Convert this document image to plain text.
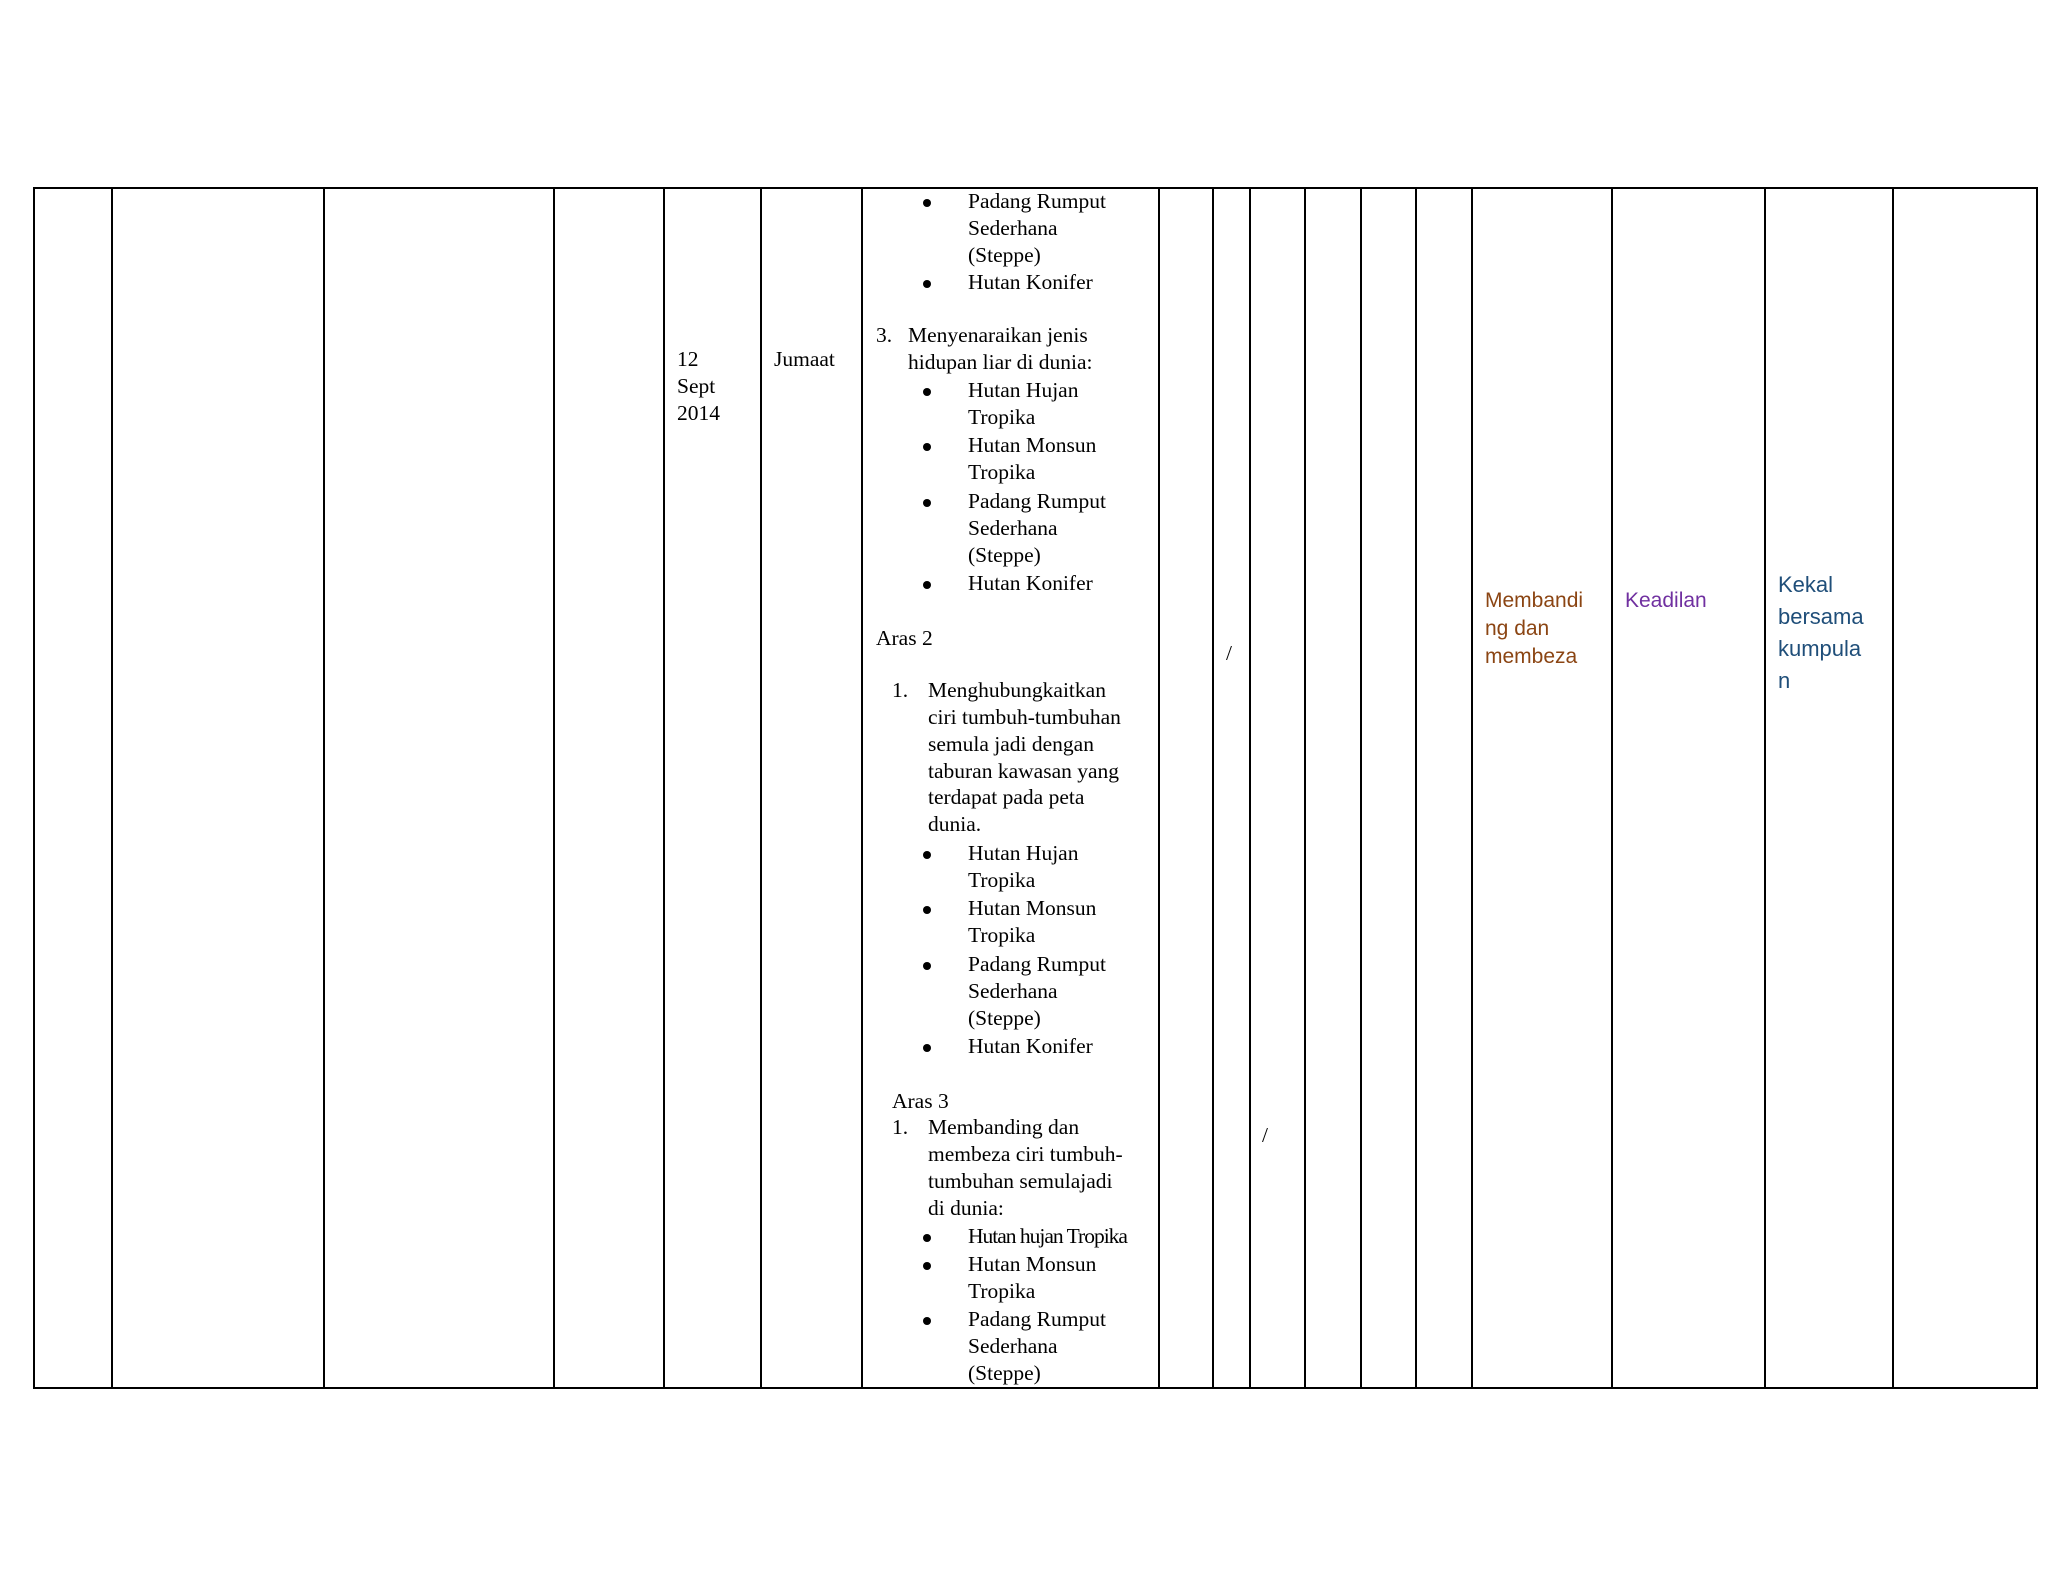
12
Sept
2014
Jumaat
Padang Rumput
Sederhana
(Steppe)
Hutan Konifer
3. Menyenaraikan jenis
hidupan liar di dunia:
Hutan Hujan
Tropika
Hutan Monsun
Tropika
Padang Rumput
Sederhana
(Steppe)
Hutan Konifer
Aras 2
1. Menghubungkaitkan
ciri tumbuh-tumbuhan
semula jadi dengan
taburan kawasan yang
terdapat pada peta
dunia.
Hutan Hujan
Tropika
Hutan Monsun
Tropika
Padang Rumput
Sederhana
(Steppe)
Hutan Konifer
Aras 3
1. Membanding dan
membeza ciri tumbuh-
tumbuhan semulajadi
di dunia:
Hutan hujan Tropika
Hutan Monsun
Tropika
Padang Rumput
Sederhana
(Steppe)
/
/
Membandi
ng dan
membeza
Keadilan
Kekal
bersama
kumpula
n
